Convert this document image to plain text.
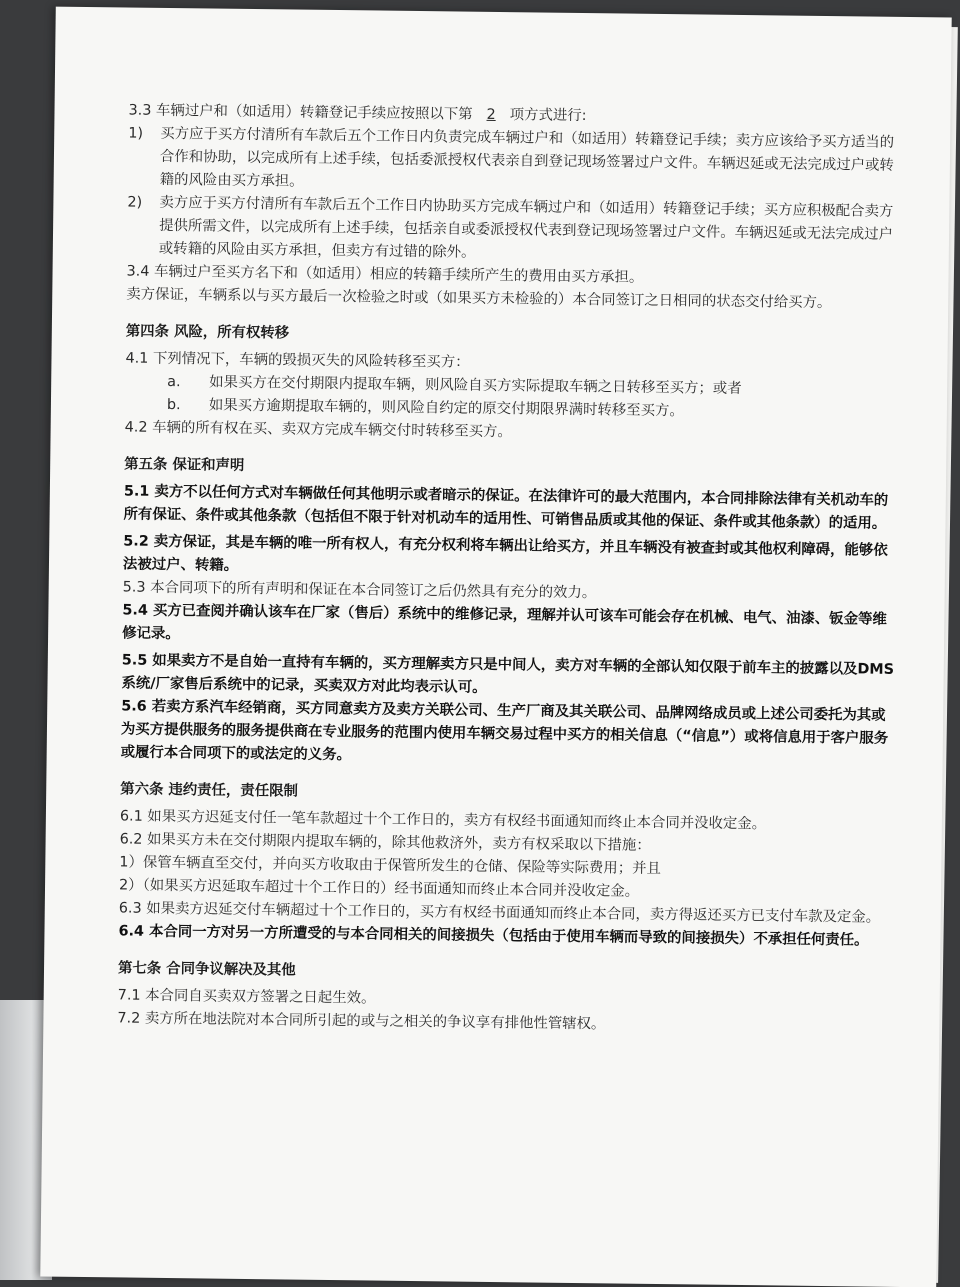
3.3 车辆过户和（如适用）转籍登记手续应按照以下第 2 项方式进行:

1)	买方应于买方付清所有车款后五个工作日内负责完成车辆过户和（如适用）转籍登记手续；卖方应该给予买方适当的合作和协助，以完成所有上述手续，包括委派授权代表亲自到登记现场签署过户文件。车辆迟延或无法完成过户或转籍的风险由买方承担。
2)	卖方应于买方付清所有车款后五个工作日内协助买方完成车辆过户和（如适用）转籍登记手续；买方应积极配合卖方提供所需文件，以完成所有上述手续，包括亲自或委派授权代表到登记现场签署过户文件。车辆迟延或无法完成过户或转籍的风险由买方承担，但卖方有过错的除外。

3.4 车辆过户至买方名下和（如适用）相应的转籍手续所产生的费用由买方承担。

卖方保证，车辆系以与买方最后一次检验之时或（如果买方未检验的）本合同签订之日相同的状态交付给买方。

第四条 风险，所有权转移

4.1 下列情况下，车辆的毁损灭失的风险转移至买方：

a.	如果买方在交付期限内提取车辆，则风险自买方实际提取车辆之日转移至买方；或者
b.	如果买方逾期提取车辆的，则风险自约定的原交付期限界满时转移至买方。

4.2 车辆的所有权在买、卖双方完成车辆交付时转移至买方。

第五条 保证和声明

5.1 卖方不以任何方式对车辆做任何其他明示或者暗示的保证。在法律许可的最大范围内，本合同排除法律有关机动车的所有保证、条件或其他条款（包括但不限于针对机动车的适用性、可销售品质或其他的保证、条件或其他条款）的适用。

5.2 卖方保证，其是车辆的唯一所有权人，有充分权利将车辆出让给买方，并且车辆没有被查封或其他权利障碍，能够依法被过户、转籍。

5.3 本合同项下的所有声明和保证在本合同签订之后仍然具有充分的效力。

5.4 买方已查阅并确认该车在厂家（售后）系统中的维修记录，理解并认可该车可能会存在机械、电气、油漆、钣金等维修记录。

5.5 如果卖方不是自始一直持有车辆的，买方理解卖方只是中间人，卖方对车辆的全部认知仅限于前车主的披露以及DMS系统/厂家售后系统中的记录，买卖双方对此均表示认可。

5.6 若卖方系汽车经销商，买方同意卖方及卖方关联公司、生产厂商及其关联公司、品牌网络成员或上述公司委托为其或为买方提供服务的服务提供商在专业服务的范围内使用车辆交易过程中买方的相关信息（“信息”）或将信息用于客户服务或履行本合同项下的或法定的义务。

第六条 违约责任，责任限制

6.1 如果买方迟延支付任一笔车款超过十个工作日的，卖方有权经书面通知而终止本合同并没收定金。

6.2 如果买方未在交付期限内提取车辆的，除其他救济外，卖方有权采取以下措施：

1）保管车辆直至交付，并向买方收取由于保管所发生的仓储、保险等实际费用；并且

2）（如果买方迟延取车超过十个工作日的）经书面通知而终止本合同并没收定金。

6.3 如果卖方迟延交付车辆超过十个工作日的，买方有权经书面通知而终止本合同，卖方得返还买方已支付车款及定金。

6.4 本合同一方对另一方所遭受的与本合同相关的间接损失（包括由于使用车辆而导致的间接损失）不承担任何责任。

第七条 合同争议解决及其他

7.1 本合同自买卖双方签署之日起生效。

7.2 卖方所在地法院对本合同所引起的或与之相关的争议享有排他性管辖权。
